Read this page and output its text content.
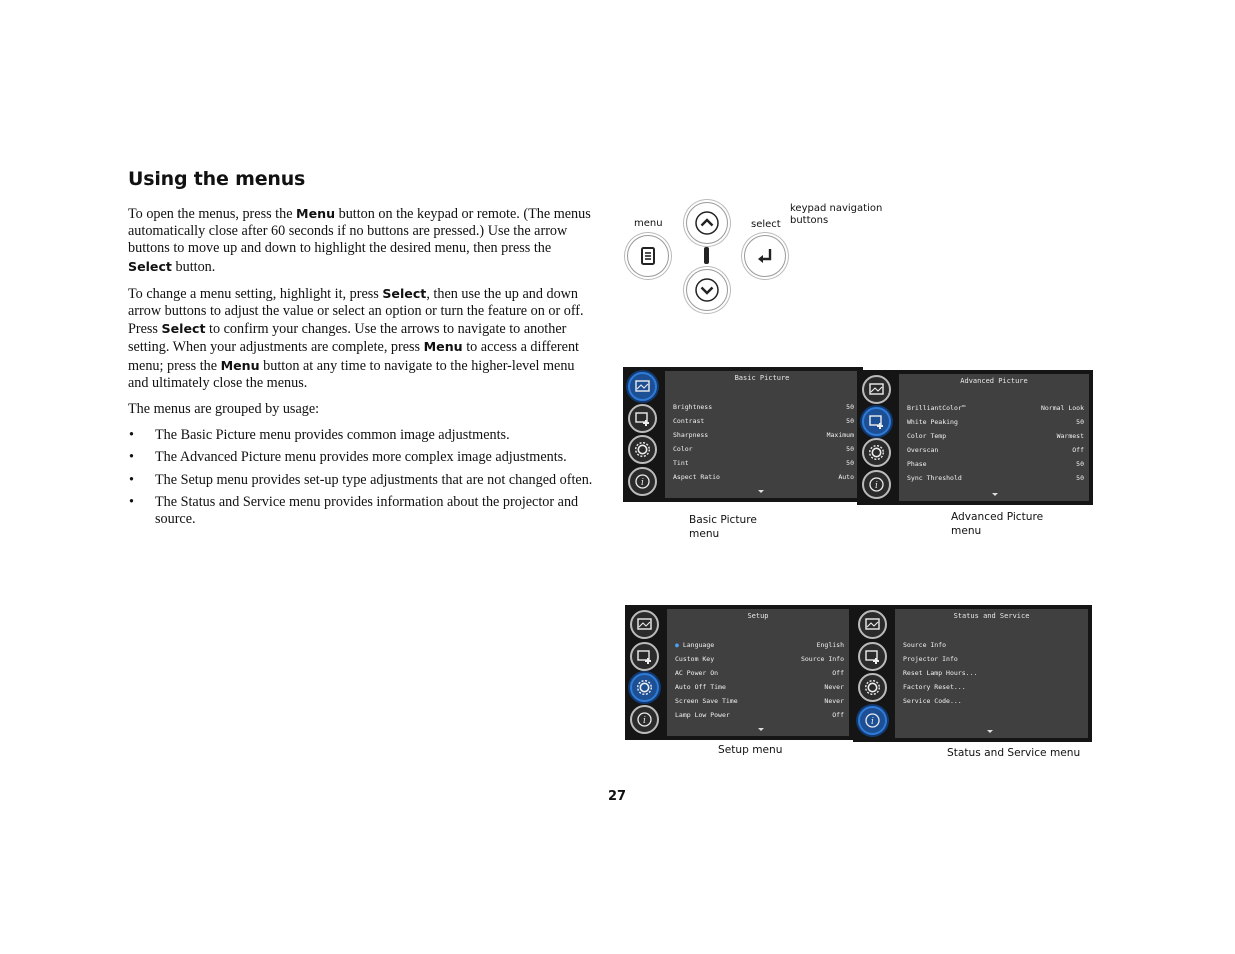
Using the menus

To open the menus, press the Menu button on the keypad or remote. (The menus automatically close after 60 seconds if no buttons are pressed.) Use the arrow buttons to move up and down to highlight the desired menu, then press the Select button.

To change a menu setting, highlight it, press Select, then use the up and down arrow buttons to adjust the value or select an option or turn the feature on or off. Press Select to confirm your changes. Use the arrows to navigate to another setting. When your adjustments are complete, press Menu to access a different menu; press the Menu button at any time to navigate to the higher-level menu and ultimately close the menus.

The menus are grouped by usage:

• The Basic Picture menu provides common image adjustments.
• The Advanced Picture menu provides more complex image adjustments.
• The Setup menu provides set-up type adjustments that are not changed often.
• The Status and Service menu provides information about the projector and source.
menu	select
keypad navigation
buttons
i
Basic Picture
Brightness	50
Contrast	50
Sharpness	Maximum
Color	50
Tint	50
Aspect Ratio	Auto
i
Advanced Picture
BrilliantColor™	Normal Look
White Peaking	50
Color Temp	Warmest
Overscan	Off
Phase	50
Sync Threshold	50
Basic Picture
menu
Advanced Picture
menu
i
Setup
● Language	English
Custom Key	Source Info
AC Power On	Off
Auto Off Time	Never
Screen Save Time	Never
Lamp Low Power	Off
i
Status and Service
Source Info
Projector Info
Reset Lamp Hours...
Factory Reset...
Service Code...
Setup menu	Status and Service menu
27
